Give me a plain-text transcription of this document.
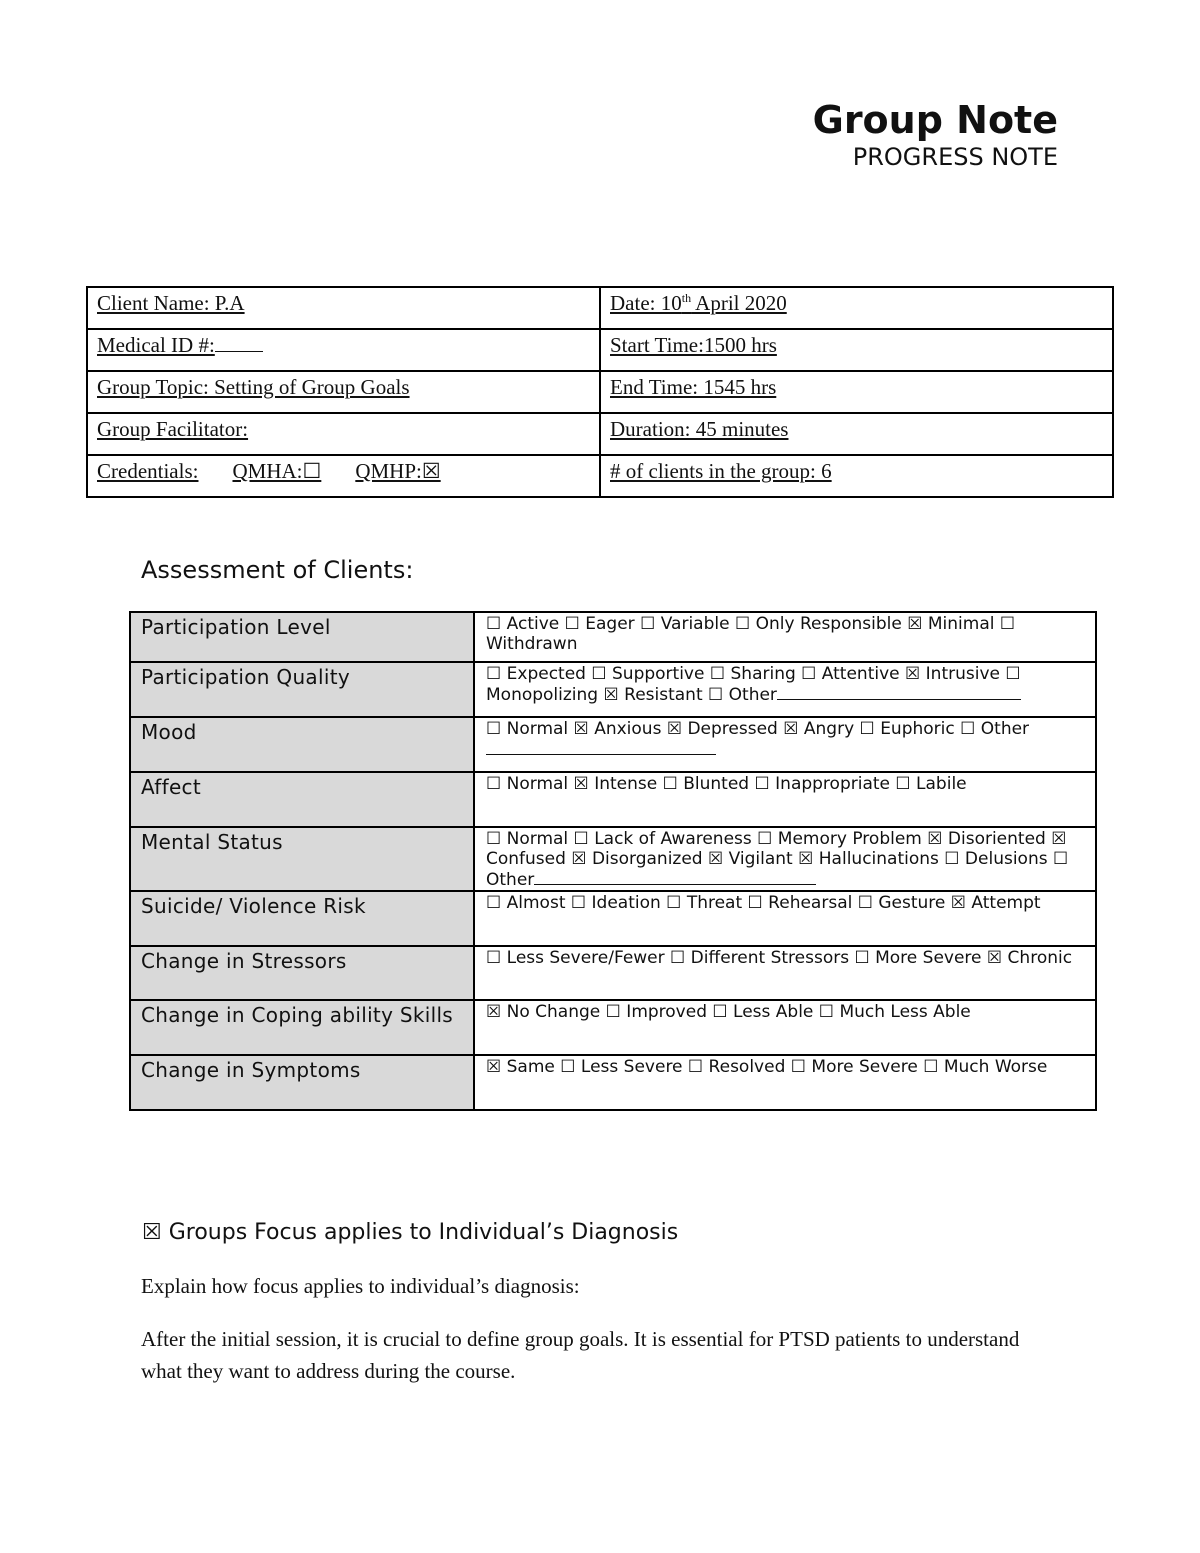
Group Note
PROGRESS NOTE
Client Name: P.A	Date: 10th April 2020
Medical ID #:	Start Time:1500 hrs
Group Topic: Setting of Group Goals	End Time: 1545 hrs
Group Facilitator:	Duration: 45 minutes
Credentials: QMHA:☐ QMHP:☒	# of clients in the group: 6
Assessment of Clients:
Participation Level	☐ Active ☐ Eager ☐ Variable ☐ Only Responsible ☒ Minimal ☐ Withdrawn
Participation Quality	☐ Expected ☐ Supportive ☐ Sharing ☐ Attentive ☒ Intrusive ☐ Monopolizing ☒ Resistant ☐ Other
Mood	☐ Normal ☒ Anxious ☒ Depressed ☒ Angry ☐ Euphoric ☐ Other
Affect	☐ Normal ☒ Intense ☐ Blunted ☐ Inappropriate ☐ Labile
Mental Status	☐ Normal ☐ Lack of Awareness ☐ Memory Problem ☒ Disoriented ☒ Confused ☒ Disorganized ☒ Vigilant ☒ Hallucinations ☐ Delusions ☐ Other
Suicide/ Violence Risk	☐ Almost ☐ Ideation ☐ Threat ☐ Rehearsal ☐ Gesture ☒ Attempt
Change in Stressors	☐ Less Severe/Fewer ☐ Different Stressors ☐ More Severe ☒ Chronic
Change in Coping ability Skills	☒ No Change ☐ Improved ☐ Less Able ☐ Much Less Able
Change in Symptoms	☒ Same ☐ Less Severe ☐ Resolved ☐ More Severe ☐ Much Worse
☒ Groups Focus applies to Individual’s Diagnosis
Explain how focus applies to individual’s diagnosis:
After the initial session, it is crucial to define group goals. It is essential for PTSD patients to understand what they want to address during the course.
